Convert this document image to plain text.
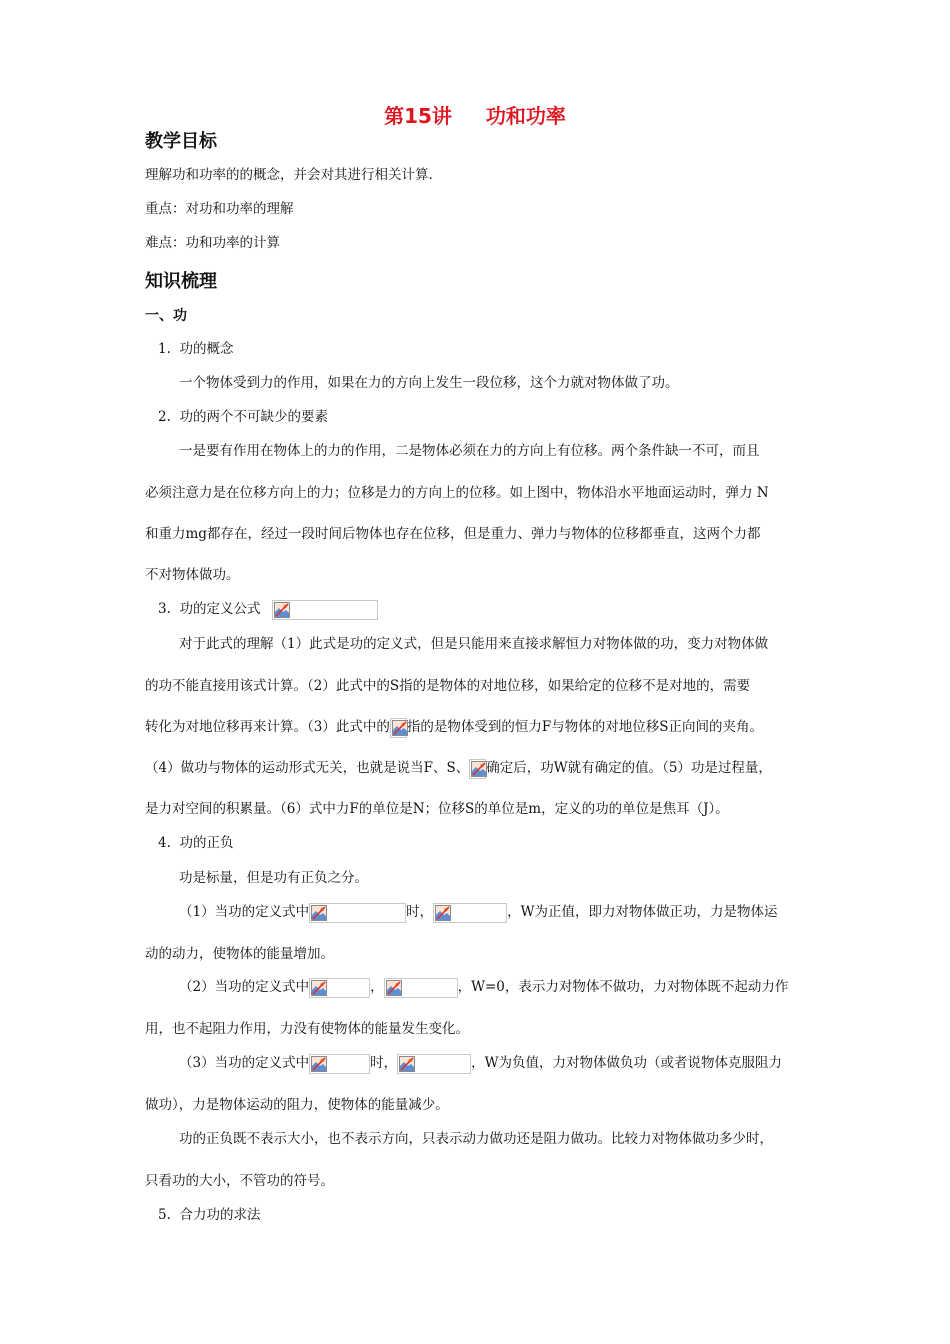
第15讲 功和功率
教学目标
理解功和功率的的概念，并会对其进行相关计算.
重点：对功和功率的理解
难点：功和功率的计算
知识梳理
一、功
1. 功的概念
一个物体受到力的作用，如果在力的方向上发生一段位移，这个力就对物体做了功。
2. 功的两个不可缺少的要素
一是要有作用在物体上的力的作用，二是物体必须在力的方向上有位移。两个条件缺一不可，而且
必须注意力是在位移方向上的力；位移是力的方向上的位移。如上图中，物体沿水平地面运动时，弹力 N
和重力mg都存在，经过一段时间后物体也存在位移，但是重力、弹力与物体的位移都垂直，这两个力都
不对物体做功。
3. 功的定义公式
对于此式的理解（1）此式是功的定义式，但是只能用来直接求解恒力对物体做的功，变力对物体做
的功不能直接用该式计算。（2）此式中的S指的是物体的对地位移，如果给定的位移不是对地的，需要
转化为对地位移再来计算。（3）此式中的 指的是物体受到的恒力F与物体的对地位移S正向间的夹角。
（4）做功与物体的运动形式无关，也就是说当F、S、 确定后，功W就有确定的值。（5）功是过程量，
是力对空间的积累量。（6）式中力F的单位是N；位移S的单位是m，定义的功的单位是焦耳（J）。
4. 功的正负
功是标量，但是功有正负之分。
（1）当功的定义式中	时，	，W为正值，即力对物体做正功，力是物体运
动的动力，使物体的能量增加。
（2）当功的定义式中	，	，W=0，表示力对物体不做功，力对物体既不起动力作
用，也不起阻力作用，力没有使物体的能量发生变化。
（3）当功的定义式中	时，	，W为负值，力对物体做负功（或者说物体克服阻力
做功），力是物体运动的阻力，使物体的能量减少。
功的正负既不表示大小，也不表示方向，只表示动力做功还是阻力做功。比较力对物体做功多少时，
只看功的大小，不管功的符号。
5. 合力功的求法
